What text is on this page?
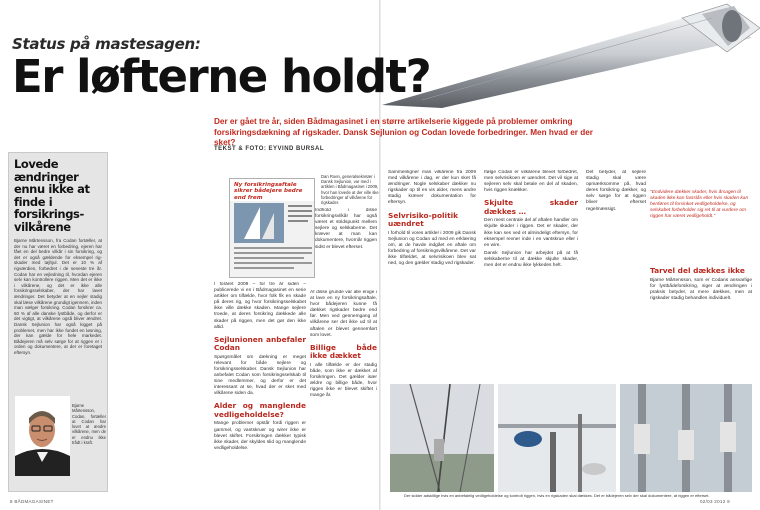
Status på mastesagen:
Er løfterne holdt?
Der er gået tre år, siden Bådmagasinet i en større artikelserie kiggede på problemer omkring forsikringsdækning af rigskader. Dansk Sejlunion og Codan lovede forbedringer. Men hvad er der sket?
TEKST & FOTO: EYVIND BURSAL
Lovede ændringer ennu ikke at finde i forsikrings-vilkårene

Bjarne Mårtensson, fra Codan fortæller, at der nu har været en forbedring, ejeren har fået en del bedre vilkår i sin forsikring, og det er også gældende for eksempel rig-skader med tøjhjul. Det er 10 % af rigværdien, forbedret i de seneste tre år. Codan har en vejledning til, hvordan ejeren selv kan kontrollere riggen. Men det er ikke i vilkårene, og det er ikke alle forsikringsselskaber, der har lavet ændringer. Det betyder at en sejler stadig skal læse vilkårene grundigt igennem, inden man vælger forsikring. Codan forsikrer ca. 60 % af alle danske lystbåde, og derfor er det vigtigt, at vilkårene også bliver ændret. Dansk Sejlunion har også kigget på problemet, men har ikke fundet en løsning, der kan gælde for hele markedet. Bådejeren må selv sørge for at riggen er i orden og dokumentere, at der er foretaget eftersyn.

Bjarne Mårtensson, Codan, fortæller at Codan har lovet at ændre vilkårene, men de er endnu ikke trådt i kraft.

I foråret 2009 – for tre år siden – publicerede vi en i Bådmagasinet en serie artikler om tilfælde, hvor folk fik en skade på deres rig, og hvor forsikringsselskabet ikke ville dække skaden. Mange sejlere troede, at deres forsikring dækkede alle skader på riggen, men det gør den ikke altid.

Sejlunionen anbefaler Codan

Spørgsmålet om dækning er meget relevant for både sejlere og forsikringsselskaber. Dansk Sejlunion har anbefalet Codan som forsikringsselskab til sine medlemmer, og derfor er det interessant at se, hvad der er sket med vilkårene siden da.

Alder og manglende vedligeholdelse?

Mange problemer opstår fordi riggen er gammel, og vantskruer og wirer ikke er blevet skiftet. Forsikringen dækker typisk ikke skader, der skyldes slid og manglende vedligeholdelse.

Ny forsikringsaftale sikrer bådejere bedre end frem
Dan Roen, generalsekretær i Dansk Sejlunion, var med i artiklen i Bådmagasinet i 2009, hvor han lovede at der ville ske forbedringer af vilkårene for rigskader.

Indhold i disse forsikringsvilkår har også været et stridspunkt mellem sejlere og selskaberne. Det kræver at man kan dokumentere, hvornår riggen sidst er blevet efterset.

Af disse grunde var alle enige i at lave en ny forsikringsaftale, hvor bådejeren kunne få dækket rigskader bedre end før. Men ved gennemgang af vilkårene ser det ikke ud til at aftalen er blevet gennemført som lovet.

Billige både ikke dækket

I alle tilfælde er der stadig både, som ikke er dækket af forsikringen. Det gælder især ældre og billige både, hvor riggen ikke er blevet skiftet i mange år.

Sammenligner man vilkårene fra 2009 med vilkårene i dag, er der kun sket få ændringer. Nogle selskaber dækker nu rigskader op til en vis alder, mens andre stadig kræver dokumentation for eftersyn.

Selvrisiko-politik uændret

I forhold til vores artikler i 2009 gik Dansk Sejlunion og Codan ud med en erklæring om, at de havde indgået en aftale om forbedring af forsikringsvilkårene. Det var ikke tilfældet, at selvrisikoen blev sat ned, og den gælder stadig ved rigskader.

Ifølge Codan er vilkårene blevet forbedret, men selvrisikoen er uændret. Det vil sige at sejleren selv skal betale en del af skaden, hvis riggen knækker.

Skjulte skader dækkes …

Den mest centrale del af aftalen handler om skjulte skader i riggen. Det er skader, der ikke kan ses ved et almindeligt eftersyn, for eksempel revner inde i en vantskrue eller i en wire.

Dansk Sejlunion har arbejdet på at få selskaberne til at dække skjulte skader, men det er endnu ikke lykkedes helt.

Det betyder, at sejlere stadig skal være opmærksomme på, hvad deres forsikring dækker, og selv sørge for at riggen bliver efterset regelmæssigt.

Tarvel del dækkes ikke

Bjarne Mårtensson, som er Codans ansvarlige for lystbådeforsikring, siger at ændringen i praksis betyder, at mere dækkes, men at rigskader stadig behandles individuelt.

"Endvidere dækker skader, hvis årsagen til skaden ikke kan fastslås eller hvis skaden kan henføres til forsinket vedligeholdelse, og selskabet forbeholder sig ret til at vurdere om riggen har været vedligeholdt."
Der sidder adskillige hvis en anbefalelig vedligeholdelse og kontrolt riggen, hvis en rigskaden skal dækkes. Det er bådejeren selv der skal dokumentere, at riggen er efterset.
8 BÅDMAGASINET	02/03 2012 9
